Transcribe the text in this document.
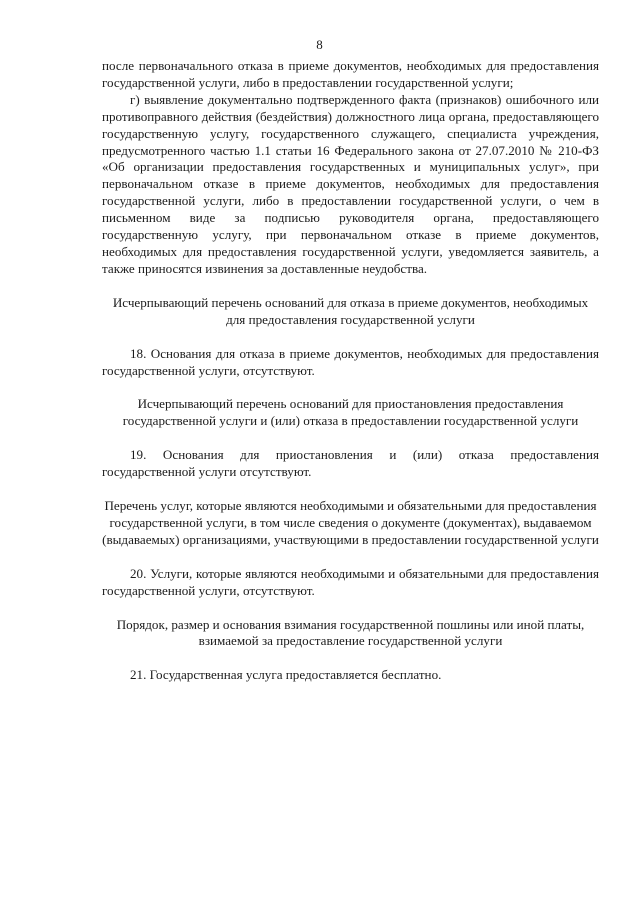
8

после первоначального отказа в приеме документов, необходимых для предоставления государственной услуги, либо в предоставлении государственной услуги;

г) выявление документально подтвержденного факта (признаков) ошибочного или противоправного действия (бездействия) должностного лица органа, предоставляющего государственную услугу, государственного служащего, специалиста учреждения, предусмотренного частью 1.1 статьи 16 Федерального закона от 27.07.2010 № 210-ФЗ «Об организации предоставления государственных и муниципальных услуг», при первоначальном отказе в приеме документов, необходимых для предоставления государственной услуги, либо в предоставлении государственной услуги, о чем в письменном виде за подписью руководителя органа, предоставляющего государственную услугу, при первоначальном отказе в приеме документов, необходимых для предоставления государственной услуги, уведомляется заявитель, а также приносятся извинения за доставленные неудобства.

Исчерпывающий перечень оснований для отказа в приеме документов, необходимых для предоставления государственной услуги

18. Основания для отказа в приеме документов, необходимых для предоставления государственной услуги, отсутствуют.

Исчерпывающий перечень оснований для приостановления предоставления государственной услуги и (или) отказа в предоставлении государственной услуги

19. Основания для приостановления и (или) отказа предоставления государственной услуги отсутствуют.

Перечень услуг, которые являются необходимыми и обязательными для предоставления государственной услуги, в том числе сведения о документе (документах), выдаваемом (выдаваемых) организациями, участвующими в предоставлении государственной услуги

20. Услуги, которые являются необходимыми и обязательными для предоставления государственной услуги, отсутствуют.

Порядок, размер и основания взимания государственной пошлины или иной платы, взимаемой за предоставление государственной услуги

21. Государственная услуга предоставляется бесплатно.
